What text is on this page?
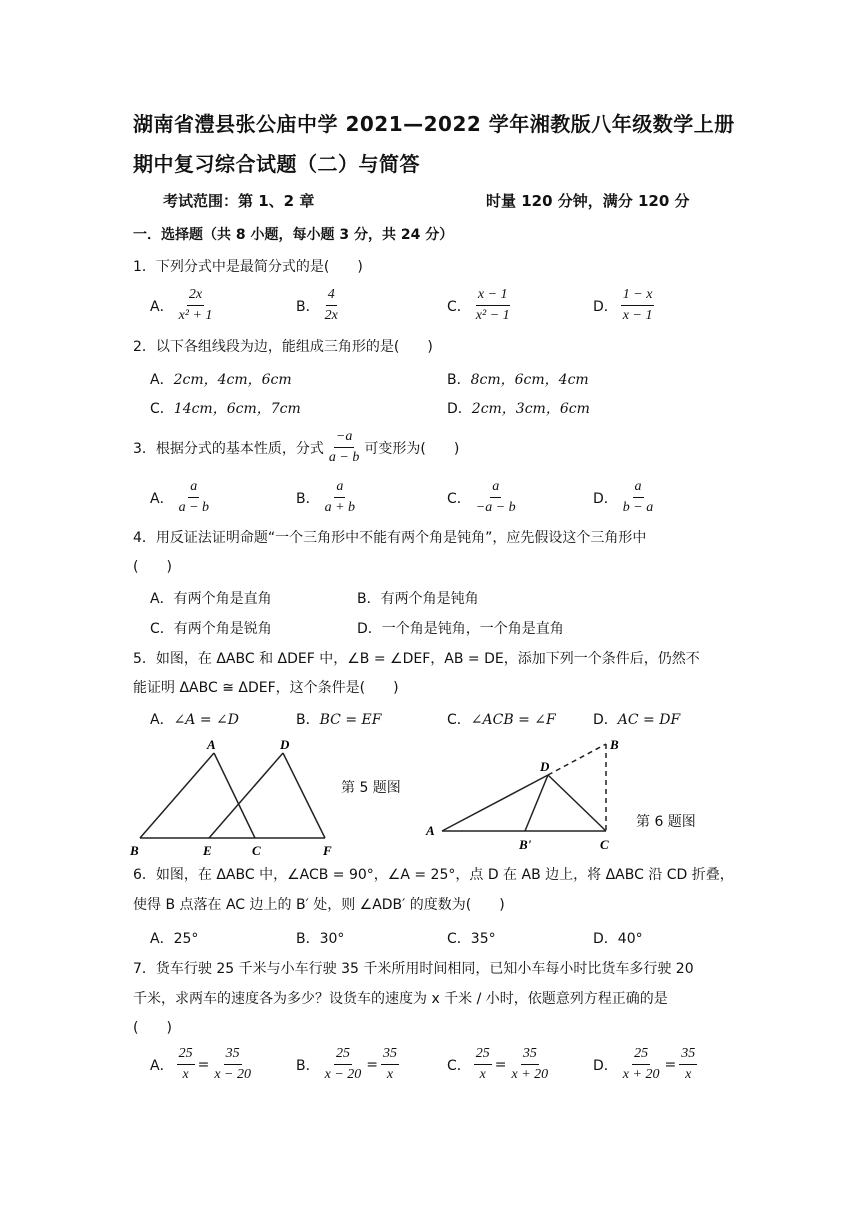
湖南省澧县张公庙中学 2021—2022 学年湘教版八年级数学上册
期中复习综合试题（二）与简答
考试范围：第 1、2 章	时量 120 分钟，满分 120 分
一．选择题（共 8 小题，每小题 3 分，共 24 分）
1．下列分式中是最简分式的是(　　)
A． $\frac{2x}{\text{x² + 1}}$	B． $\frac{4}{2x}$	C． $\frac{x - 1}{\text{x² − 1}}$	D． $\frac{1 - x}{x - 1}$
2．以下各组线段为边，能组成三角形的是(　　)
A．2cm，4cm，6cm	B．8cm，6cm，4cm
C．14cm，6cm，7cm	D．2cm，3cm，6cm
3．根据分式的基本性质，分式 $\frac{-a}{a - b}$ 可变形为(　　)
A． $\frac{a}{a - b}$	B． $\frac{a}{a + b}$	C． $\frac{a}{-a - b}$	D． $\frac{a}{b - a}$
4．用反证法证明命题“一个三角形中不能有两个角是钝角”，应先假设这个三角形中
(　　)
A．有两个角是直角	B．有两个角是钝角
C．有两个角是锐角	D．一个角是钝角，一个角是直角
5．如图，在 ΔABC 和 ΔDEF 中，∠B = ∠DEF，AB = DE，添加下列一个条件后，仍然不
能证明 ΔABC ≅ ΔDEF，这个条件是(　　)
A．∠A = ∠D	B．BC = EF	C．∠ACB = ∠F	D．AC = DF
A	D
B	E	C	F
第 5 题图
B
D
A
B'	C
第 6 题图
6．如图，在 ΔABC 中，∠ACB = 90°，∠A = 25°，点 D 在 AB 边上，将 ΔABC 沿 CD 折叠，
使得 B 点落在 AC 边上的 B′ 处，则 ∠ADB′ 的度数为(　　)
A．25°	B．30°	C．35°	D．40°
7．货车行驶 25 千米与小车行驶 35 千米所用时间相同，已知小车每小时比货车多行驶 20
千米，求两车的速度各为多少？设货车的速度为 x 千米 / 小时，依题意列方程正确的是
(　　)
A． $\frac{25}{x} = \frac{35}{x - 20}$	B． $\frac{25}{x - 20} = \frac{35}{x}$	C． $\frac{25}{x} = \frac{35}{x + 20}$	D． $\frac{25}{x + 20} = \frac{35}{x}$
